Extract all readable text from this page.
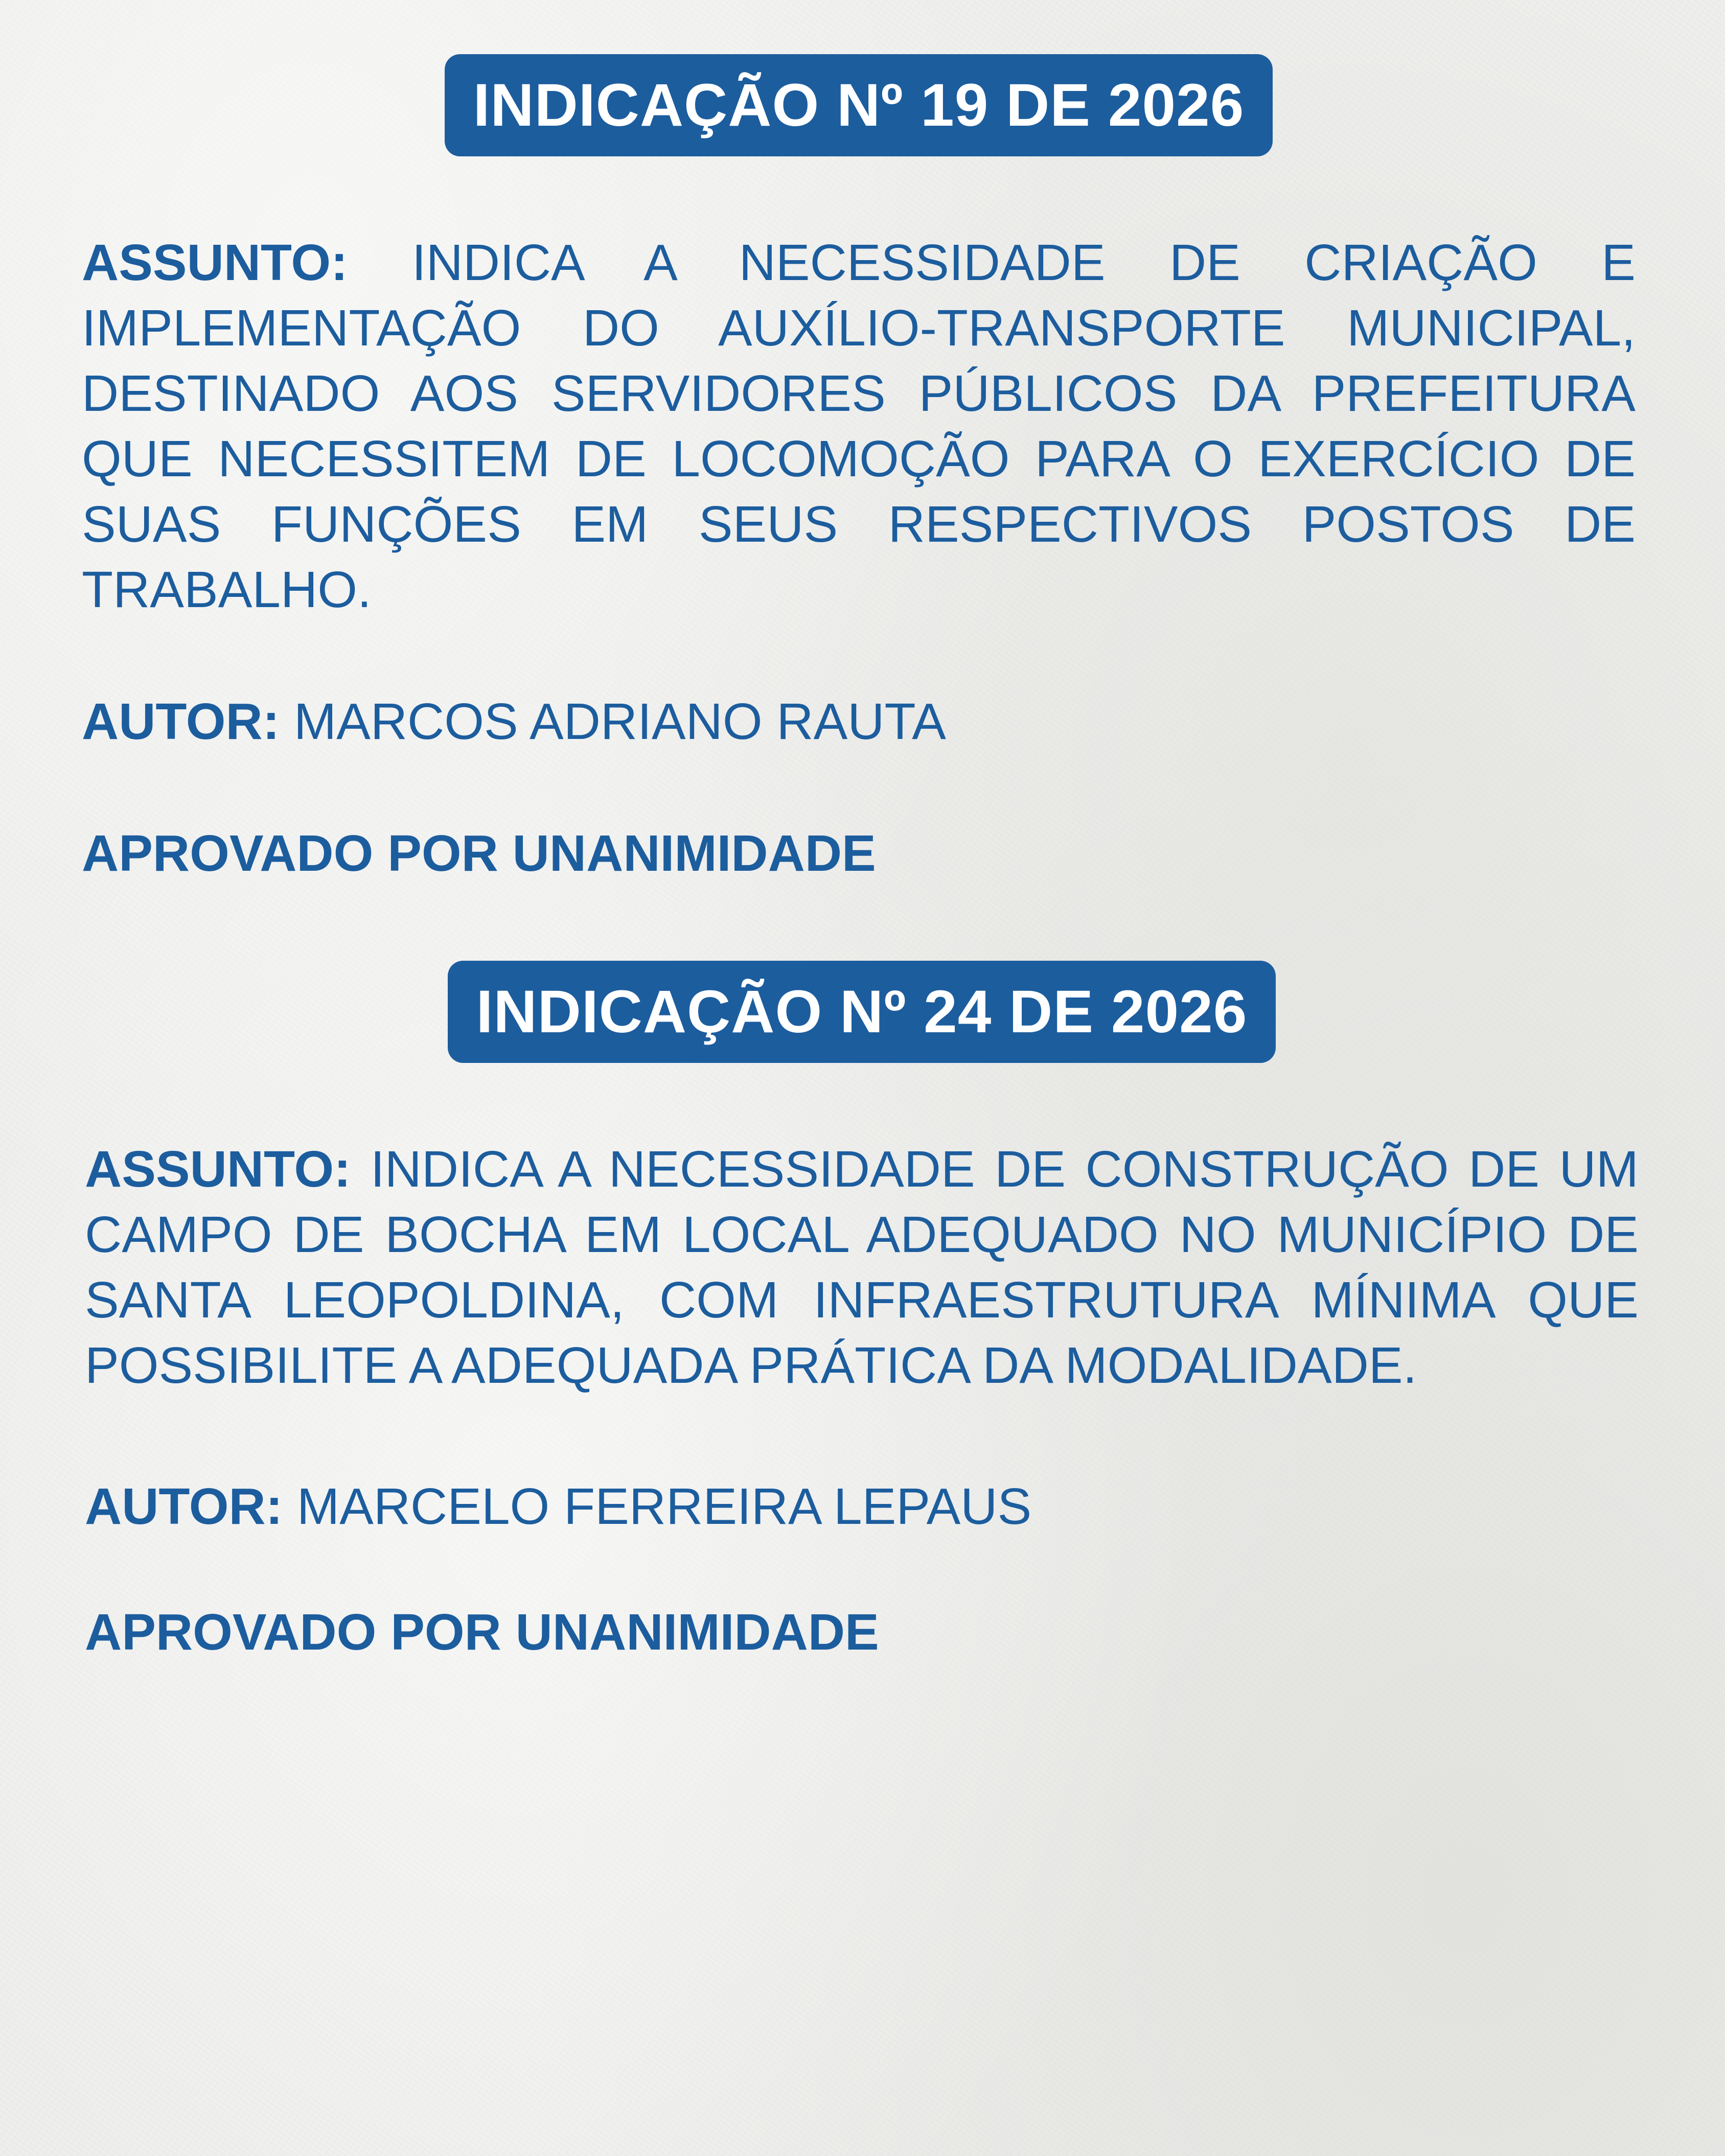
INDICAÇÃO Nº 19 DE 2026

ASSUNTO: INDICA A NECESSIDADE DE CRIAÇÃO E IMPLEMENTAÇÃO DO AUXÍLIO-TRANSPORTE MUNICIPAL, DESTINADO AOS SERVIDORES PÚBLICOS DA PREFEITURA QUE NECESSITEM DE LOCOMOÇÃO PARA O EXERCÍCIO DE SUAS FUNÇÕES EM SEUS RESPECTIVOS POSTOS DE TRABALHO.

AUTOR: MARCOS ADRIANO RAUTA

APROVADO POR UNANIMIDADE
INDICAÇÃO Nº 24 DE 2026

ASSUNTO: INDICA A NECESSIDADE DE CONSTRUÇÃO DE UM CAMPO DE BOCHA EM LOCAL ADEQUADO NO MUNICÍPIO DE SANTA LEOPOLDINA, COM INFRAESTRUTURA MÍNIMA QUE POSSIBILITE A ADEQUADA PRÁTICA DA MODALIDADE.

AUTOR: MARCELO FERREIRA LEPAUS

APROVADO POR UNANIMIDADE
